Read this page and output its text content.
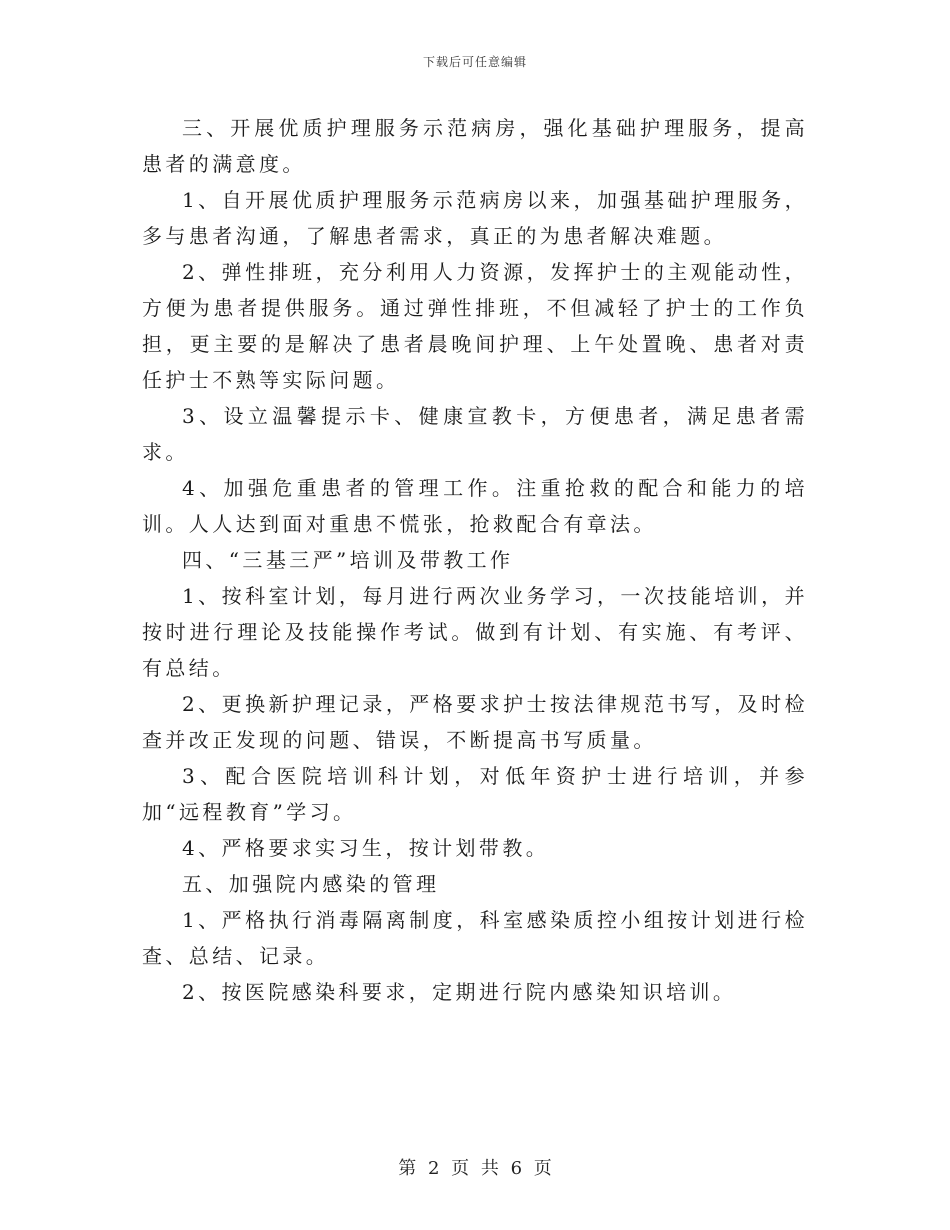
下载后可任意编辑

三、开展优质护理服务示范病房，强化基础护理服务，提高患者的满意度。

1、自开展优质护理服务示范病房以来，加强基础护理服务，多与患者沟通，了解患者需求，真正的为患者解决难题。

2、弹性排班，充分利用人力资源，发挥护士的主观能动性，方便为患者提供服务。通过弹性排班，不但减轻了护士的工作负担，更主要的是解决了患者晨晚间护理、上午处置晚、患者对责任护士不熟等实际问题。

3、设立温馨提示卡、健康宣教卡，方便患者，满足患者需求。

4、加强危重患者的管理工作。注重抢救的配合和能力的培训。人人达到面对重患不慌张，抢救配合有章法。

四、“三基三严”培训及带教工作

1、按科室计划，每月进行两次业务学习，一次技能培训，并按时进行理论及技能操作考试。做到有计划、有实施、有考评、有总结。

2、更换新护理记录，严格要求护士按法律规范书写，及时检查并改正发现的问题、错误，不断提高书写质量。

3、配合医院培训科计划，对低年资护士进行培训，并参加“远程教育”学习。

4、严格要求实习生，按计划带教。

五、加强院内感染的管理

1、严格执行消毒隔离制度，科室感染质控小组按计划进行检查、总结、记录。

2、按医院感染科要求，定期进行院内感染知识培训。

第 2 页 共 6 页
